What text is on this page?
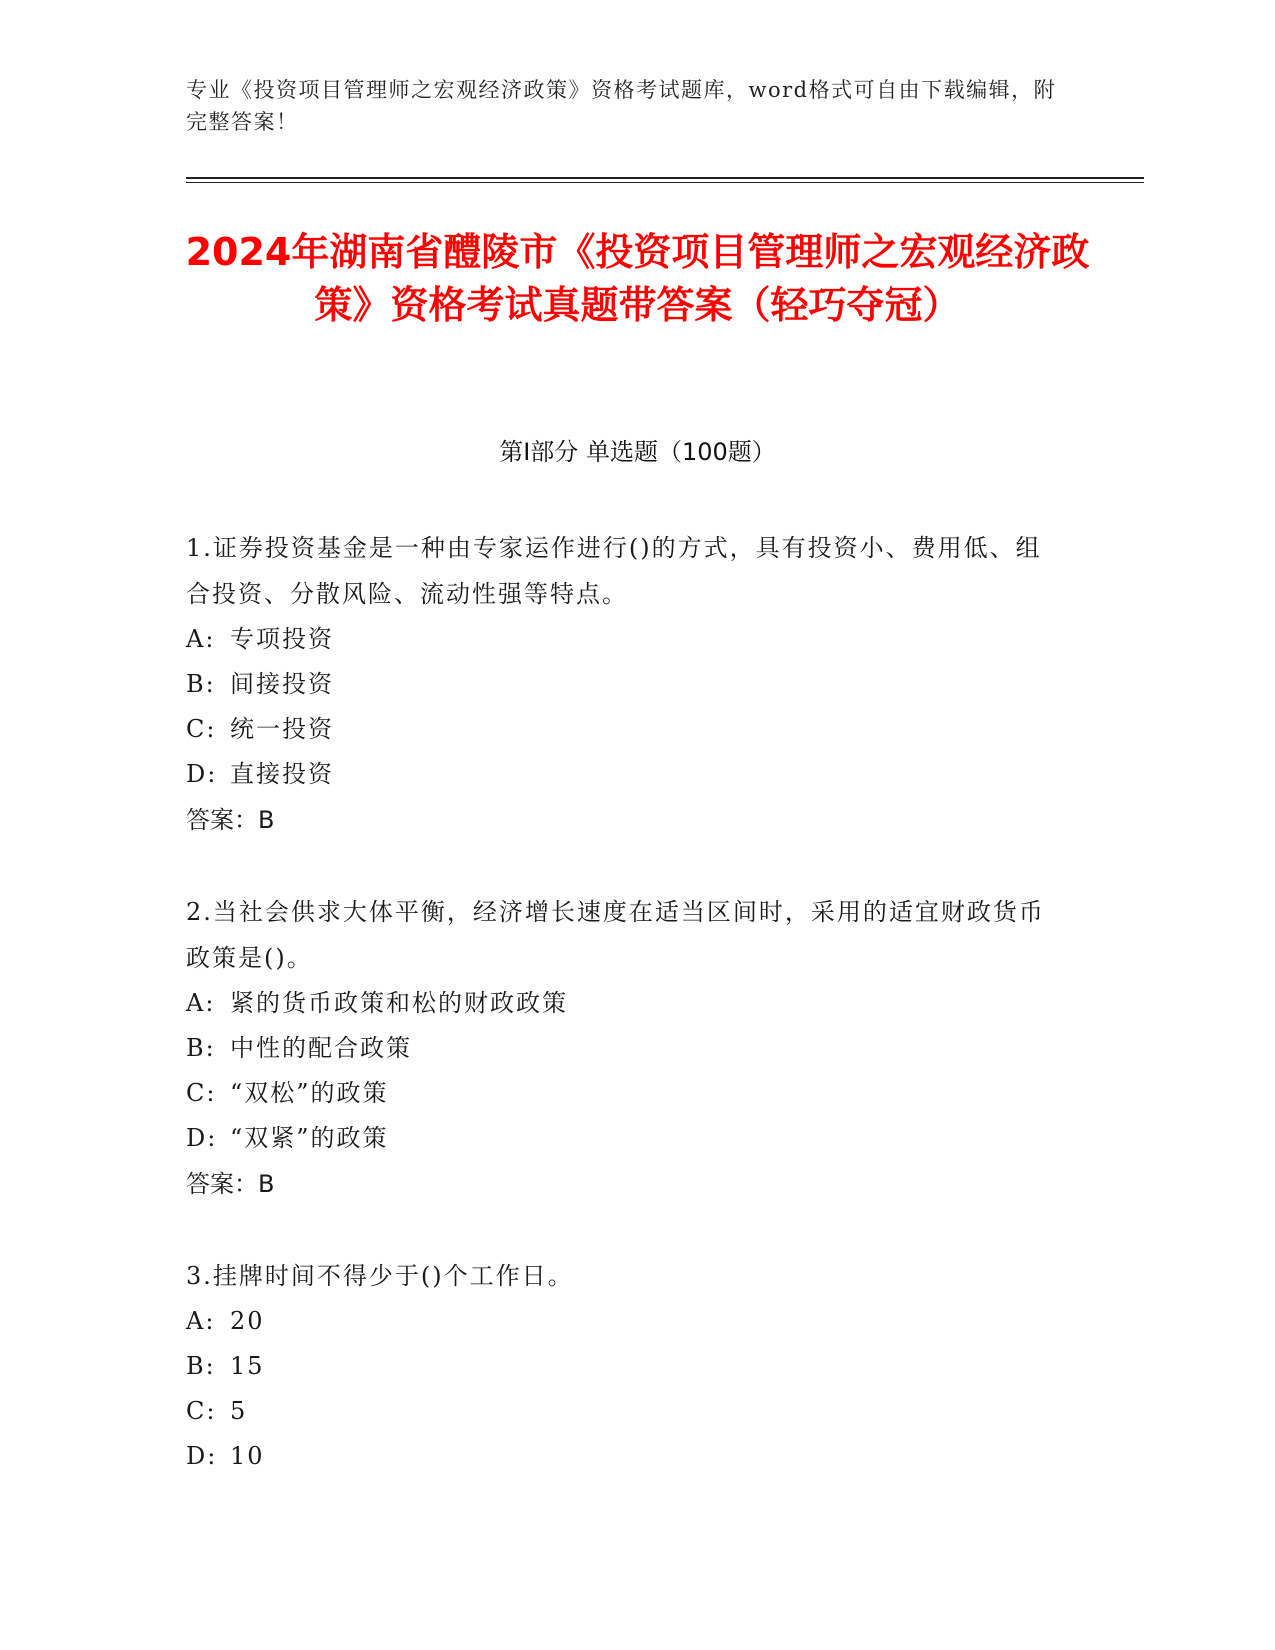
专业《投资项目管理师之宏观经济政策》资格考试题库，word格式可自由下载编辑，附完整答案！
2024年湖南省醴陵市《投资项目管理师之宏观经济政策》资格考试真题带答案（轻巧夺冠）
第I部分 单选题（100题）

1.证券投资基金是一种由专家运作进行()的方式，具有投资小、费用低、组合投资、分散风险、流动性强等特点。

A: 专项投资

B: 间接投资

C: 统一投资

D: 直接投资

答案：B

2.当社会供求大体平衡，经济增长速度在适当区间时，采用的适宜财政货币政策是()。

A: 紧的货币政策和松的财政政策

B: 中性的配合政策

C: “双松”的政策

D: “双紧”的政策

答案：B

3.挂牌时间不得少于()个工作日。

A: 20

B: 15

C: 5

D: 10
